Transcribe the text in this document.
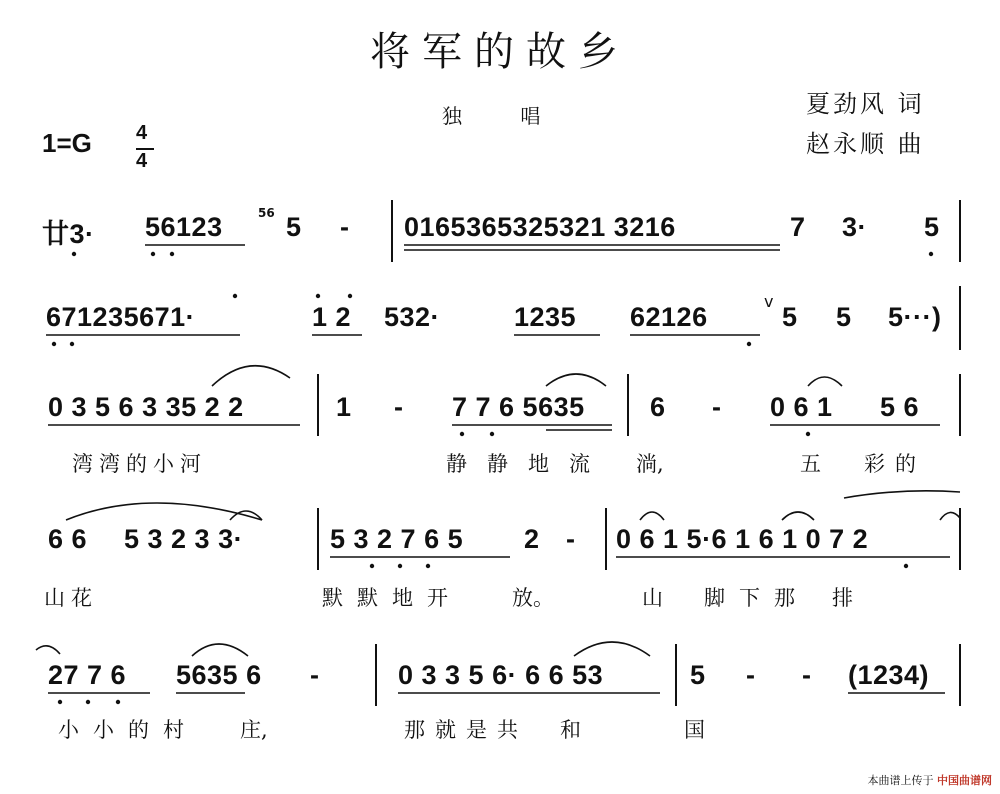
将军的故乡
独 唱	夏劲风 词
赵永顺 曲
1=G 4
4
廿3· 56123	56 5 - 0165365325321 3216	7 3· 5
671235671·	1 2 532·	1235 62126
v
5 5 5···)
0 3 5 6 3 35 2 2	1 - 7 7 6 5635 6 - 0 6 1 5 6
湾湾的小河	静静地流 淌,	五 彩的
6 6 5 3 2 3 3·	5 3 2 7 6 5 2 - 0 6 1 5·6 1 6 1 0 7 2
山花	默默地开 放。	山 脚下那 排
27 7 6 5635 6 -	0 3 3 5 6· 6 6 53	5 - - (1234)
小小的村 庄,	那就是共 和	国
本曲谱上传于 中国曲谱网
